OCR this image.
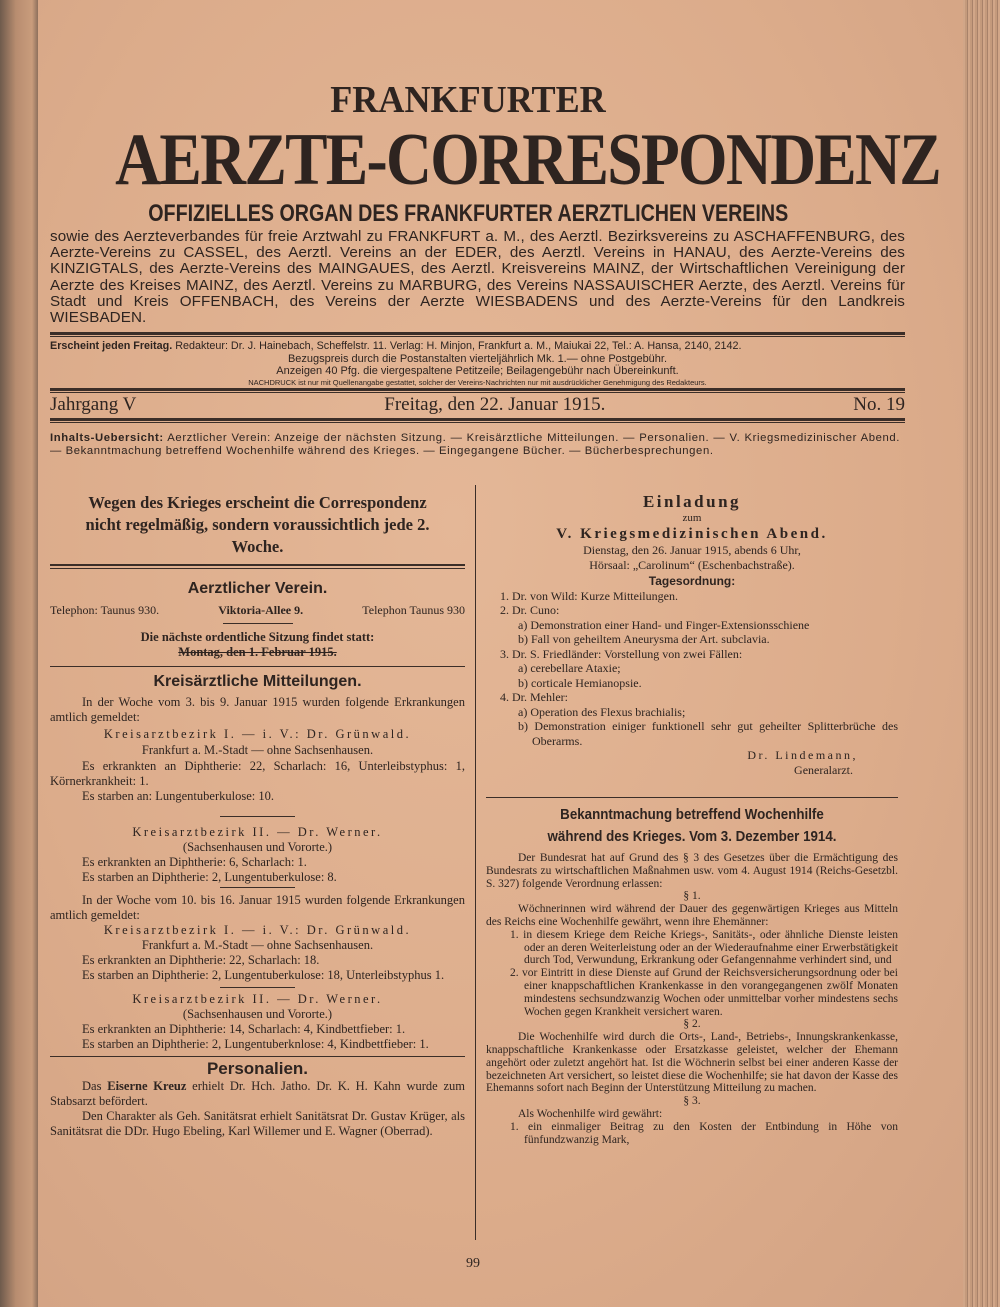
FRANKFURTER
AERZTE-CORRESPONDENZ
OFFIZIELLES ORGAN DES FRANKFURTER AERZTLICHEN VEREINS
sowie des Aerzteverbandes für freie Arztwahl zu FRANKFURT a. M., des Aerztl. Bezirksvereins zu ASCHAFFENBURG, des Aerzte-Vereins zu CASSEL, des Aerztl. Vereins an der EDER, des Aerztl. Vereins in HANAU, des Aerzte-Vereins des KINZIGTALS, des Aerzte-Vereins des MAINGAUES, des Aerztl. Kreisvereins MAINZ, der Wirtschaftlichen Vereinigung der Aerzte des Kreises MAINZ, des Aerztl. Vereins zu MARBURG, des Vereins NASSAUISCHER Aerzte, des Aerztl. Vereins für Stadt und Kreis OFFENBACH, des Vereins der Aerzte WIESBADENS und des Aerzte-Vereins für den Landkreis WIESBADEN.
Erscheint jeden Freitag. Redakteur: Dr. J. Hainebach, Scheffelstr. 11. Verlag: H. Minjon, Frankfurt a. M., Maiukai 22, Tel.: A. Hansa, 2140, 2142.
Bezugspreis durch die Postanstalten vierteljährlich Mk. 1.— ohne Postgebühr.
Anzeigen 40 Pfg. die viergespaltene Petitzeile; Beilagengebühr nach Übereinkunft.
NACHDRUCK ist nur mit Quellenangabe gestattet, solcher der Vereins-Nachrichten nur mit ausdrücklicher Genehmigung des Redakteurs.
Jahrgang V	Freitag, den 22. Januar 1915.	No. 19
Inhalts-Uebersicht: Aerztlicher Verein: Anzeige der nächsten Sitzung. — Kreisärztliche Mitteilungen. — Personalien. — V. Kriegsmedizinischer Abend. — Bekanntmachung betreffend Wochenhilfe während des Krieges. — Eingegangene Bücher. — Bücherbesprechungen.
Wegen des Krieges erscheint die Correspondenz nicht regelmäßig, sondern voraussichtlich jede 2. Woche.
Aerztlicher Verein.
Telephon: Taunus 930.	Viktoria-Allee 9.	Telephon Taunus 930
Die nächste ordentliche Sitzung findet statt:
Montag, den 1. Februar 1915.
Kreisärztliche Mitteilungen.

In der Woche vom 3. bis 9. Januar 1915 wurden folgende Erkrankungen amtlich gemeldet:

Kreisarztbezirk I. — i. V.: Dr. Grünwald.

Frankfurt a. M.-Stadt — ohne Sachsenhausen.

Es erkrankten an Diphtherie: 22, Scharlach: 16, Unterleibstyphus: 1, Körnerkrankheit: 1.

Es starben an: Lungentuberkulose: 10.

Kreisarztbezirk II. — Dr. Werner.

(Sachsenhausen und Vororte.)

Es erkrankten an Diphtherie: 6, Scharlach: 1.

Es starben an Diphtherie: 2, Lungentuberkulose: 8.

In der Woche vom 10. bis 16. Januar 1915 wurden folgende Erkrankungen amtlich gemeldet:

Kreisarztbezirk I. — i. V.: Dr. Grünwald.

Frankfurt a. M.-Stadt — ohne Sachsenhausen.

Es erkrankten an Diphtherie: 22, Scharlach: 18.

Es starben an Diphtherie: 2, Lungentuberkulose: 18, Unterleibstyphus 1.

Kreisarztbezirk II. — Dr. Werner.

(Sachsenhausen und Vororte.)

Es erkrankten an Diphtherie: 14, Scharlach: 4, Kindbettfieber: 1.

Es starben an Diphtherie: 2, Lungentuberknlose: 4, Kindbettfieber: 1.

Personalien.

Das Eiserne Kreuz erhielt Dr. Hch. Jatho. Dr. K. H. Kahn wurde zum Stabsarzt befördert.

Den Charakter als Geh. Sanitätsrat erhielt Sanitätsrat Dr. Gustav Krüger, als Sanitätsrat die DDr. Hugo Ebeling, Karl Willemer und E. Wagner (Oberrad).

Einladung
zum
V. Kriegsmedizinischen Abend.
Dienstag, den 26. Januar 1915, abends 6 Uhr,
Hörsaal: „Carolinum“ (Eschenbachstraße).
Tagesordnung:
1. Dr. von Wild: Kurze Mitteilungen.
2. Dr. Cuno:
a) Demonstration einer Hand- und Finger-Extensionsschiene
b) Fall von geheiltem Aneurysma der Art. subclavia.
3. Dr. S. Friedländer: Vorstellung von zwei Fällen:
a) cerebellare Ataxie;
b) corticale Hemianopsie.
4. Dr. Mehler:
a) Operation des Flexus brachialis;
b) Demonstration einiger funktionell sehr gut geheilter Splitterbrüche des Oberarms.
Dr. Lindemann,
Generalarzt.
Bekanntmachung betreffend Wochenhilfe
während des Krieges. Vom 3. Dezember 1914.

Der Bundesrat hat auf Grund des § 3 des Gesetzes über die Ermächtigung des Bundesrats zu wirtschaftlichen Maßnahmen usw. vom 4. August 1914 (Reichs-Gesetzbl. S. 327) folgende Verordnung erlassen:

§ 1.

Wöchnerinnen wird während der Dauer des gegenwärtigen Krieges aus Mitteln des Reichs eine Wochenhilfe gewährt, wenn ihre Ehemänner:

1. in diesem Kriege dem Reiche Kriegs-, Sanitäts-, oder ähnliche Dienste leisten oder an deren Weiterleistung oder an der Wiederaufnahme einer Erwerbstätigkeit durch Tod, Verwundung, Erkrankung oder Gefangennahme verhindert sind, und

2. vor Eintritt in diese Dienste auf Grund der Reichsversicherungsordnung oder bei einer knappschaftlichen Krankenkasse in den vorangegangenen zwölf Monaten mindestens sechsundzwanzig Wochen oder unmittelbar vorher mindestens sechs Wochen gegen Krankheit versichert waren.

§ 2.

Die Wochenhilfe wird durch die Orts-, Land-, Betriebs-, Innungskrankenkasse, knappschaftliche Krankenkasse oder Ersatzkasse geleistet, welcher der Ehemann angehört oder zuletzt angehört hat. Ist die Wöchnerin selbst bei einer anderen Kasse der bezeichneten Art versichert, so leistet diese die Wochenhilfe; sie hat davon der Kasse des Ehemanns sofort nach Beginn der Unterstützung Mitteilung zu machen.

§ 3.

Als Wochenhilfe wird gewährt:

1. ein einmaliger Beitrag zu den Kosten der Entbindung in Höhe von fünfundzwanzig Mark,

99
